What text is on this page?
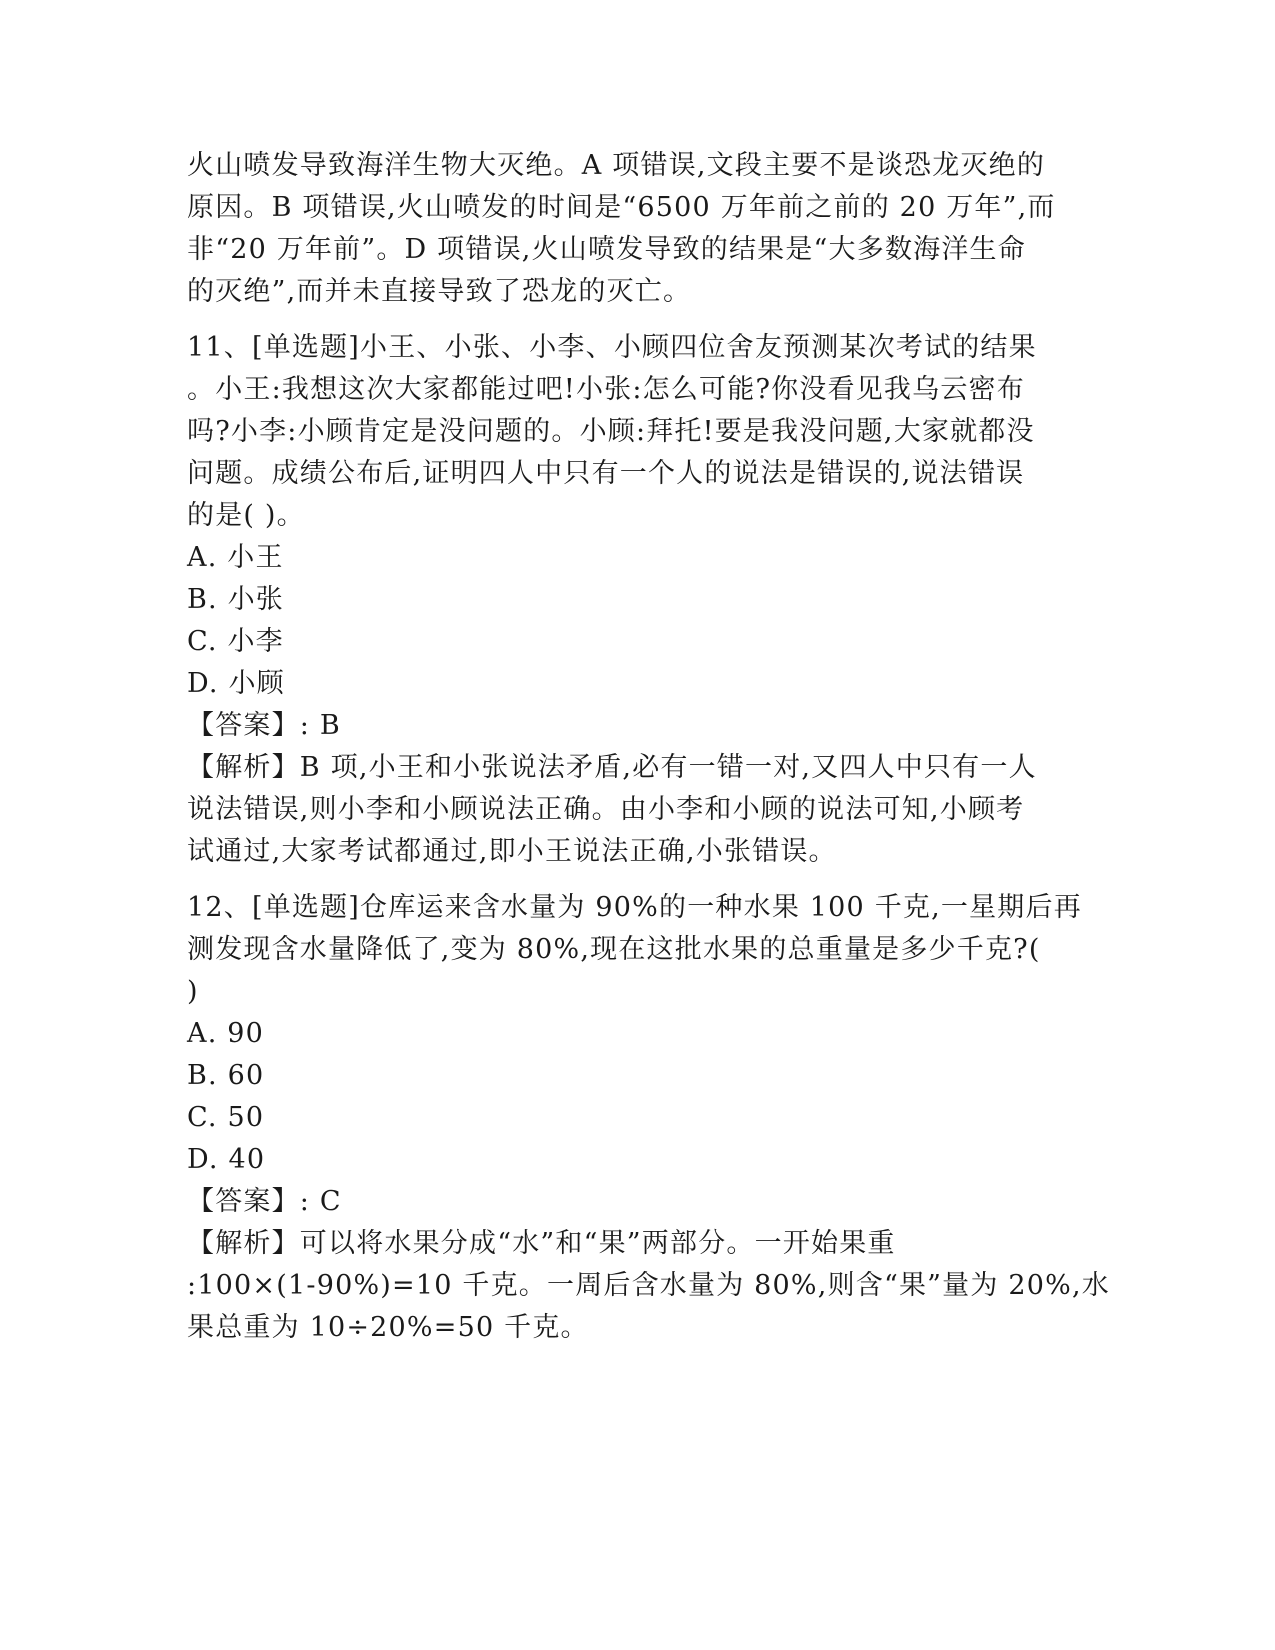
火山喷发导致海洋生物大灭绝。A 项错误,文段主要不是谈恐龙灭绝的
原因。B 项错误,火山喷发的时间是“6500 万年前之前的 20 万年”,而
非“20 万年前”。D 项错误,火山喷发导致的结果是“大多数海洋生命
的灭绝”,而并未直接导致了恐龙的灭亡。
11、[单选题]小王、小张、小李、小顾四位舍友预测某次考试的结果
。小王:我想这次大家都能过吧!小张:怎么可能?你没看见我乌云密布
吗?小李:小顾肯定是没问题的。小顾:拜托!要是我没问题,大家就都没
问题。成绩公布后,证明四人中只有一个人的说法是错误的,说法错误
的是( )。
A. 小王
B. 小张
C. 小李
D. 小顾
【答案】: B
【解析】B 项,小王和小张说法矛盾,必有一错一对,又四人中只有一人
说法错误,则小李和小顾说法正确。由小李和小顾的说法可知,小顾考
试通过,大家考试都通过,即小王说法正确,小张错误。
12、[单选题]仓库运来含水量为 90%的一种水果 100 千克,一星期后再
测发现含水量降低了,变为 80%,现在这批水果的总重量是多少千克?(
)
A. 90
B. 60
C. 50
D. 40
【答案】: C
【解析】可以将水果分成“水”和“果”两部分。一开始果重
:100×(1-90%)=10 千克。一周后含水量为 80%,则含“果”量为 20%,水
果总重为 10÷20%=50 千克。
